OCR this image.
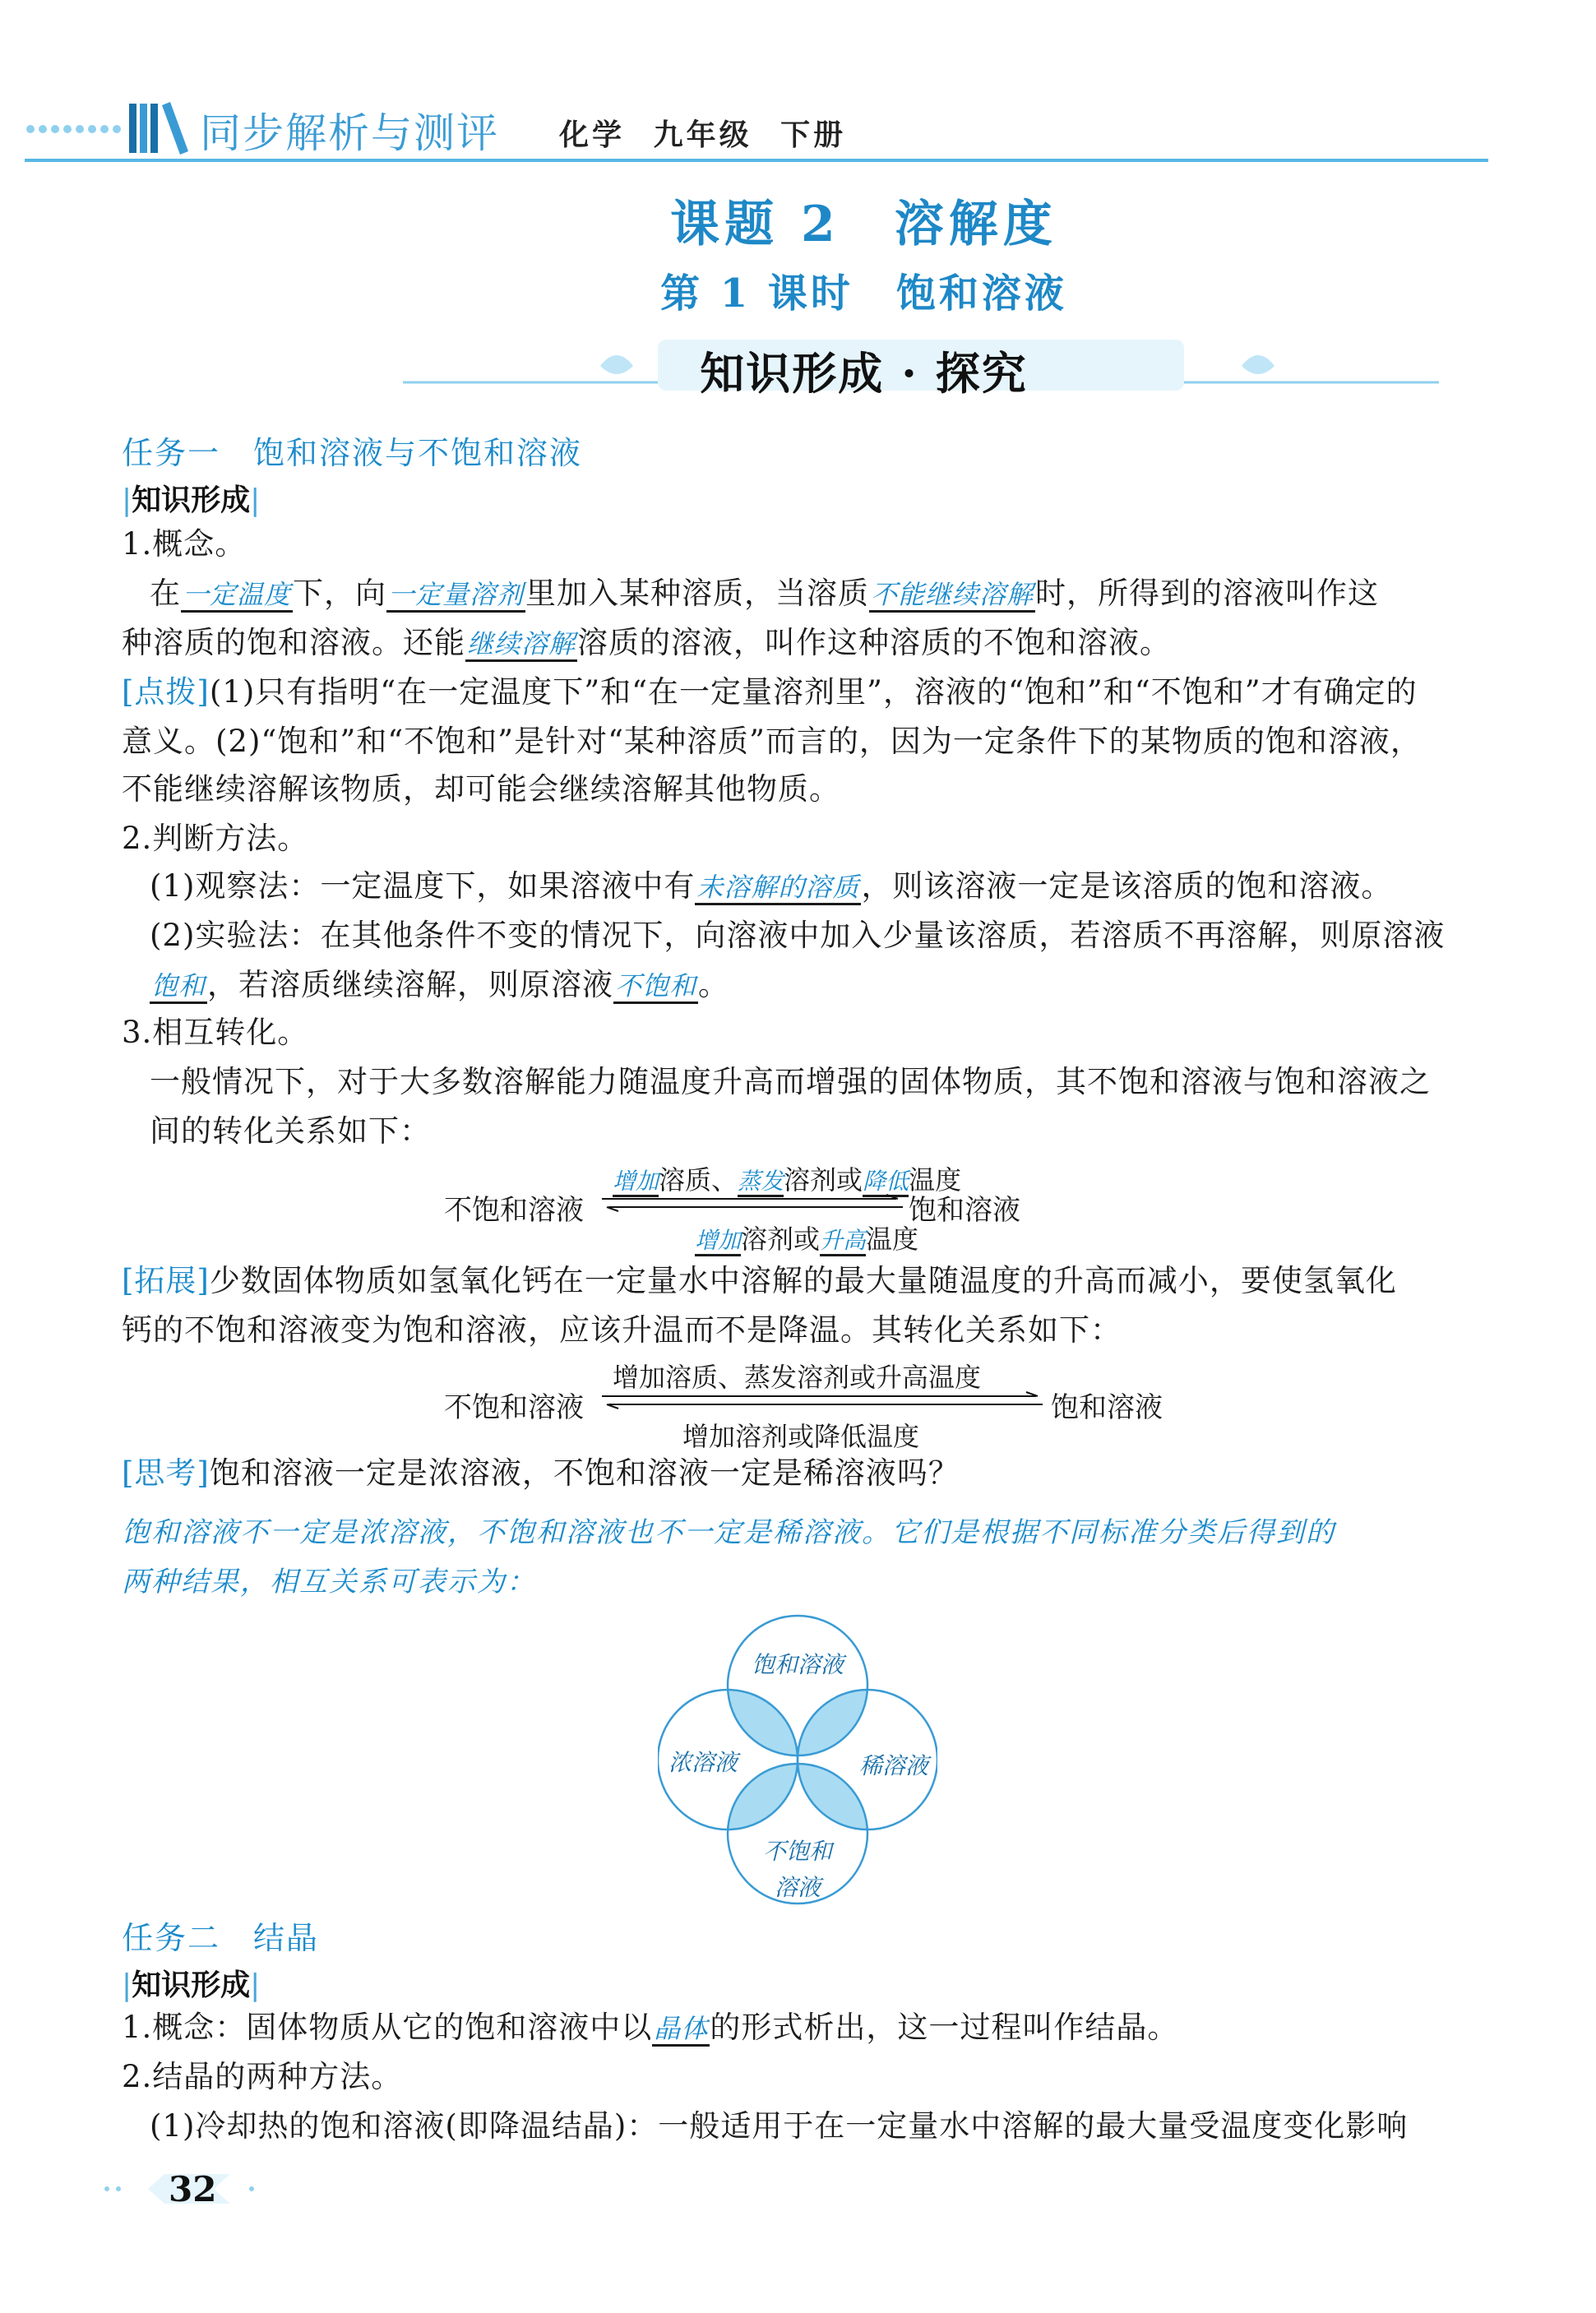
同步解析与测评 化学 九年级 下册
课题 2　溶解度
第 1 课时　饱和溶液
知识形成 · 探究
任务一　饱和溶液与不饱和溶液
|知识形成|
1.概念。
在一定温度下，向一定量溶剂里加入某种溶质，当溶质不能继续溶解时，所得到的溶液叫作这
种溶质的饱和溶液。还能继续溶解溶质的溶液，叫作这种溶质的不饱和溶液。
[点拨](1)只有指明“在一定温度下”和“在一定量溶剂里”，溶液的“饱和”和“不饱和”才有确定的
意义。(2)“饱和”和“不饱和”是针对“某种溶质”而言的，因为一定条件下的某物质的饱和溶液，
不能继续溶解该物质，却可能会继续溶解其他物质。
2.判断方法。
(1)观察法：一定温度下，如果溶液中有未溶解的溶质，则该溶液一定是该溶质的饱和溶液。
(2)实验法：在其他条件不变的情况下，向溶液中加入少量该溶质，若溶质不再溶解，则原溶液
饱和，若溶质继续溶解，则原溶液不饱和。
3.相互转化。
一般情况下，对于大多数溶解能力随温度升高而增强的固体物质，其不饱和溶液与饱和溶液之
间的转化关系如下：
不饱和溶液	饱和溶液
增加溶质、蒸发溶剂或降低温度
增加溶剂或升高温度
[拓展]少数固体物质如氢氧化钙在一定量水中溶解的最大量随温度的升高而减小，要使氢氧化
钙的不饱和溶液变为饱和溶液，应该升温而不是降温。其转化关系如下：
不饱和溶液	饱和溶液
增加溶质、蒸发溶剂或升高温度
增加溶剂或降低温度
[思考]饱和溶液一定是浓溶液，不饱和溶液一定是稀溶液吗？
饱和溶液不一定是浓溶液，不饱和溶液也不一定是稀溶液。它们是根据不同标准分类后得到的
两种结果，相互关系可表示为：
饱和溶液
浓溶液	稀溶液
不饱和
溶液
任务二　结晶
|知识形成|
1.概念：固体物质从它的饱和溶液中以晶体的形式析出，这一过程叫作结晶。
2.结晶的两种方法。
(1)冷却热的饱和溶液(即降温结晶)：一般适用于在一定量水中溶解的最大量受温度变化影响
32
